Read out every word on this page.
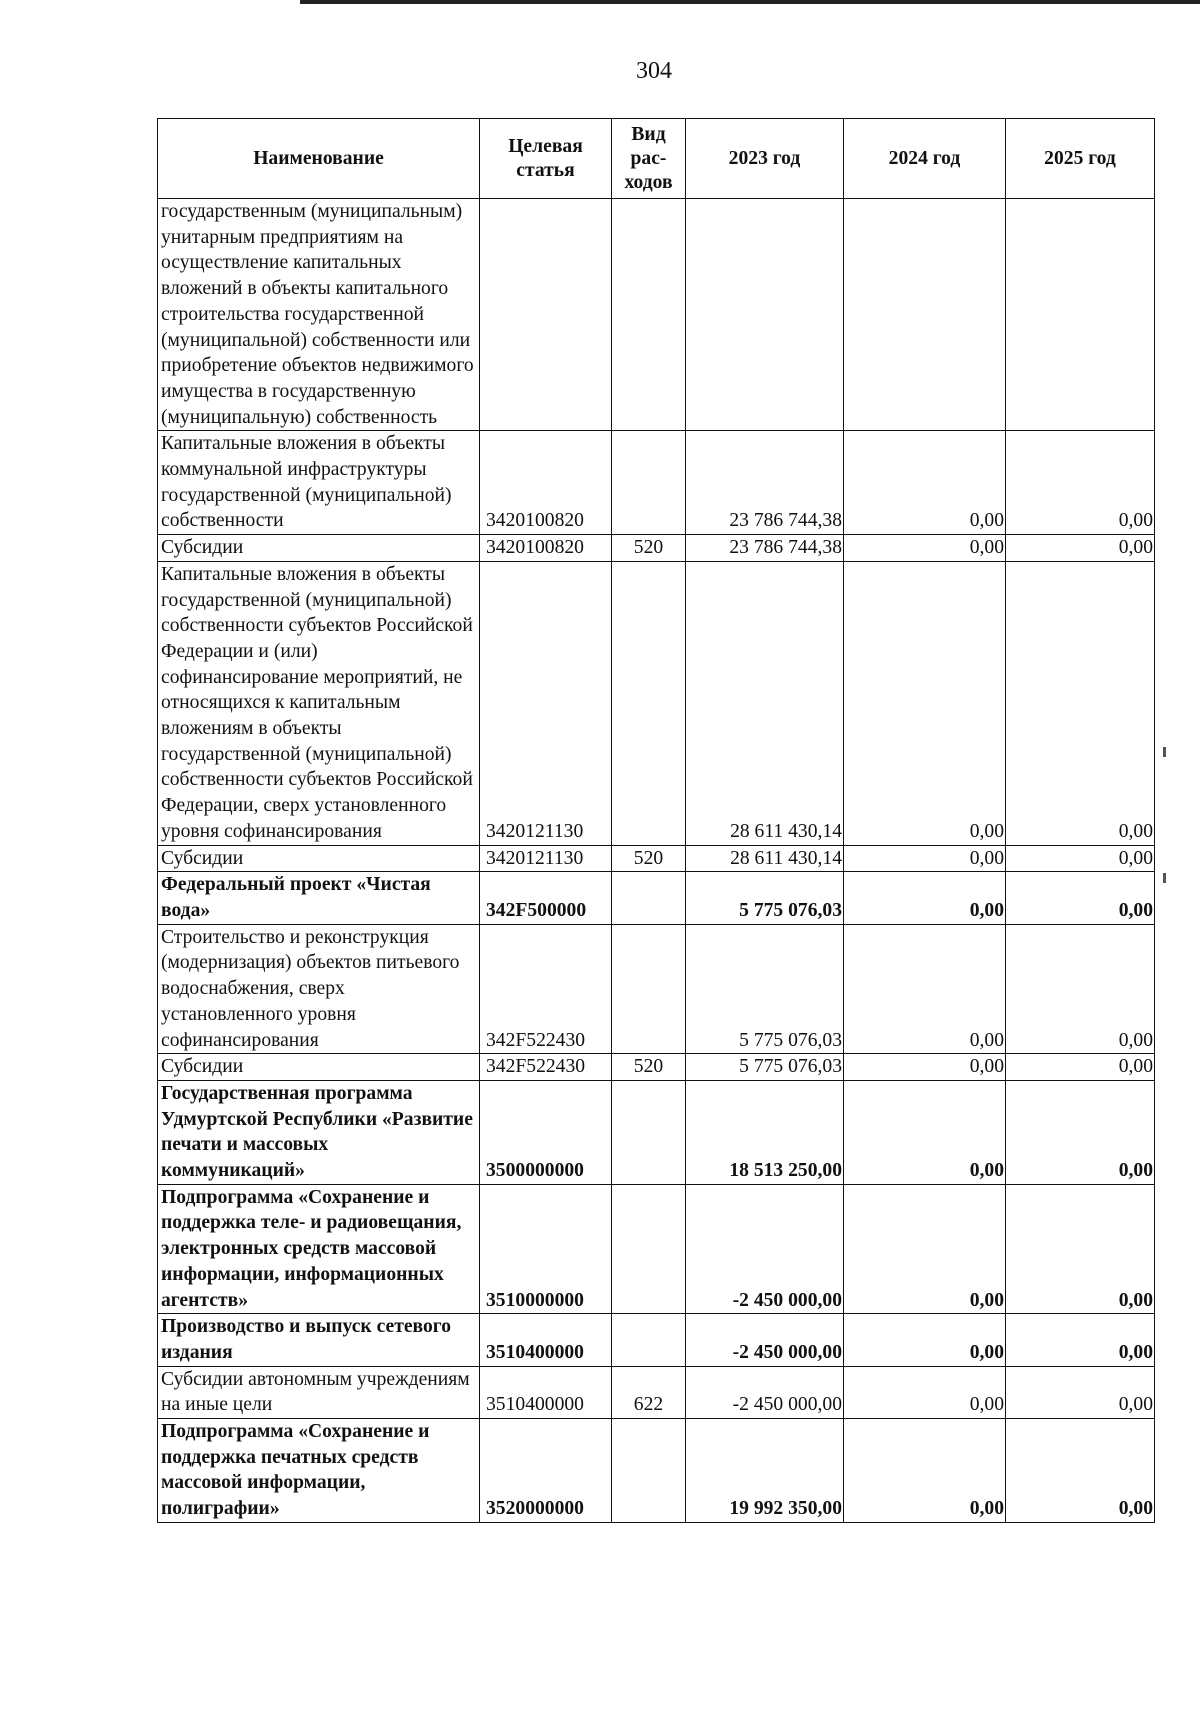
304
Наименование	Целевая статья	Вид рас-ходов	2023 год	2024 год	2025 год
государственным (муниципальным) унитарным предприятиям на осуществление капитальных вложений в объекты капитального строительства государственной (муниципальной) собственности или приобретение объектов недвижимого имущества в государственную (муниципальную) собственность					
Капитальные вложения в объекты коммунальной инфраструктуры государственной (муниципальной) собственности	3420100820		23 786 744,38	0,00	0,00
Субсидии	3420100820	520	23 786 744,38	0,00	0,00
Капитальные вложения в объекты государственной (муниципальной) собственности субъектов Российской Федерации и (или) софинансирование мероприятий, не относящихся к капитальным вложениям в объекты государственной (муниципальной) собственности субъектов Российской Федерации, сверх установленного уровня софинансирования	3420121130		28 611 430,14	0,00	0,00
Субсидии	3420121130	520	28 611 430,14	0,00	0,00
Федеральный проект «Чистая вода»	342F500000		5 775 076,03	0,00	0,00
Строительство и реконструкция (модернизация) объектов питьевого водоснабжения, сверх установленного уровня софинансирования	342F522430		5 775 076,03	0,00	0,00
Субсидии	342F522430	520	5 775 076,03	0,00	0,00
Государственная программа Удмуртской Республики «Развитие печати и массовых коммуникаций»	3500000000		18 513 250,00	0,00	0,00
Подпрограмма «Сохранение и поддержка теле- и радиовещания, электронных средств массовой информации, информационных агентств»	3510000000		-2 450 000,00	0,00	0,00
Производство и выпуск сетевого издания	3510400000		-2 450 000,00	0,00	0,00
Субсидии автономным учреждениям на иные цели	3510400000	622	-2 450 000,00	0,00	0,00
Подпрограмма «Сохранение и поддержка печатных средств массовой информации, полиграфии»	3520000000		19 992 350,00	0,00	0,00
